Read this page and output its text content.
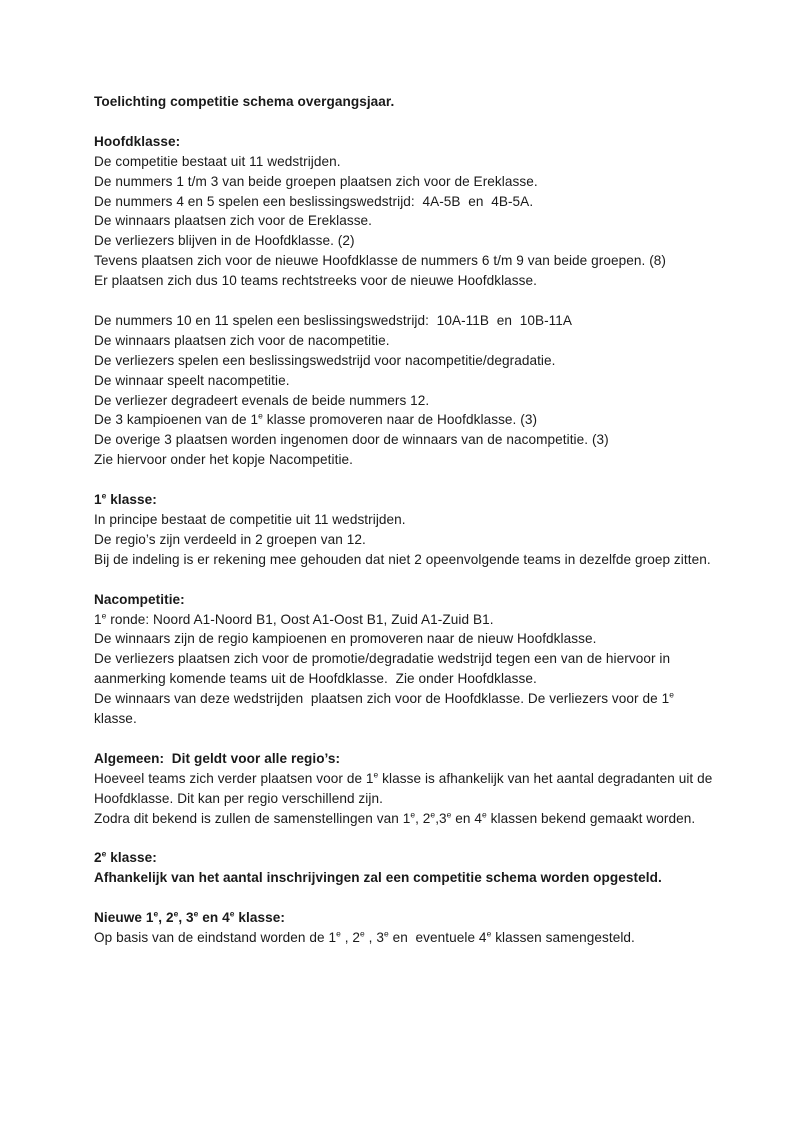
Toelichting competitie schema overgangsjaar.

Hoofdklasse:
De competitie bestaat uit 11 wedstrijden.
De nummers 1 t/m 3 van beide groepen plaatsen zich voor de Ereklasse.
De nummers 4 en 5 spelen een beslissingswedstrijd:  4A-5B  en  4B-5A.
De winnaars plaatsen zich voor de Ereklasse.
De verliezers blijven in de Hoofdklasse. (2)
Tevens plaatsen zich voor de nieuwe Hoofdklasse de nummers 6 t/m 9 van beide groepen. (8)
Er plaatsen zich dus 10 teams rechtstreeks voor de nieuwe Hoofdklasse.

De nummers 10 en 11 spelen een beslissingswedstrijd:  10A-11B  en  10B-11A
De winnaars plaatsen zich voor de nacompetitie.
De verliezers spelen een beslissingswedstrijd voor nacompetitie/degradatie.
De winnaar speelt nacompetitie.
De verliezer degradeert evenals de beide nummers 12.
De 3 kampioenen van de 1e klasse promoveren naar de Hoofdklasse. (3)
De overige 3 plaatsen worden ingenomen door de winnaars van de nacompetitie. (3)
Zie hiervoor onder het kopje Nacompetitie.

1e klasse:
In principe bestaat de competitie uit 11 wedstrijden.
De regio’s zijn verdeeld in 2 groepen van 12.
Bij de indeling is er rekening mee gehouden dat niet 2 opeenvolgende teams in dezelfde groep zitten.

Nacompetitie:
1e ronde: Noord A1-Noord B1, Oost A1-Oost B1, Zuid A1-Zuid B1.
De winnaars zijn de regio kampioenen en promoveren naar de nieuw Hoofdklasse.
De verliezers plaatsen zich voor de promotie/degradatie wedstrijd tegen een van de hiervoor in
aanmerking komende teams uit de Hoofdklasse.  Zie onder Hoofdklasse.
De winnaars van deze wedstrijden  plaatsen zich voor de Hoofdklasse. De verliezers voor de 1e klasse.

Algemeen:  Dit geldt voor alle regio’s:
Hoeveel teams zich verder plaatsen voor de 1e klasse is afhankelijk van het aantal degradanten uit de
Hoofdklasse. Dit kan per regio verschillend zijn.
Zodra dit bekend is zullen de samenstellingen van 1e, 2e,3e en 4e klassen bekend gemaakt worden.

2e klasse:
Afhankelijk van het aantal inschrijvingen zal een competitie schema worden opgesteld.

Nieuwe 1e, 2e, 3e en 4e klasse:
Op basis van de eindstand worden de 1e , 2e , 3e en  eventuele 4e klassen samengesteld.
